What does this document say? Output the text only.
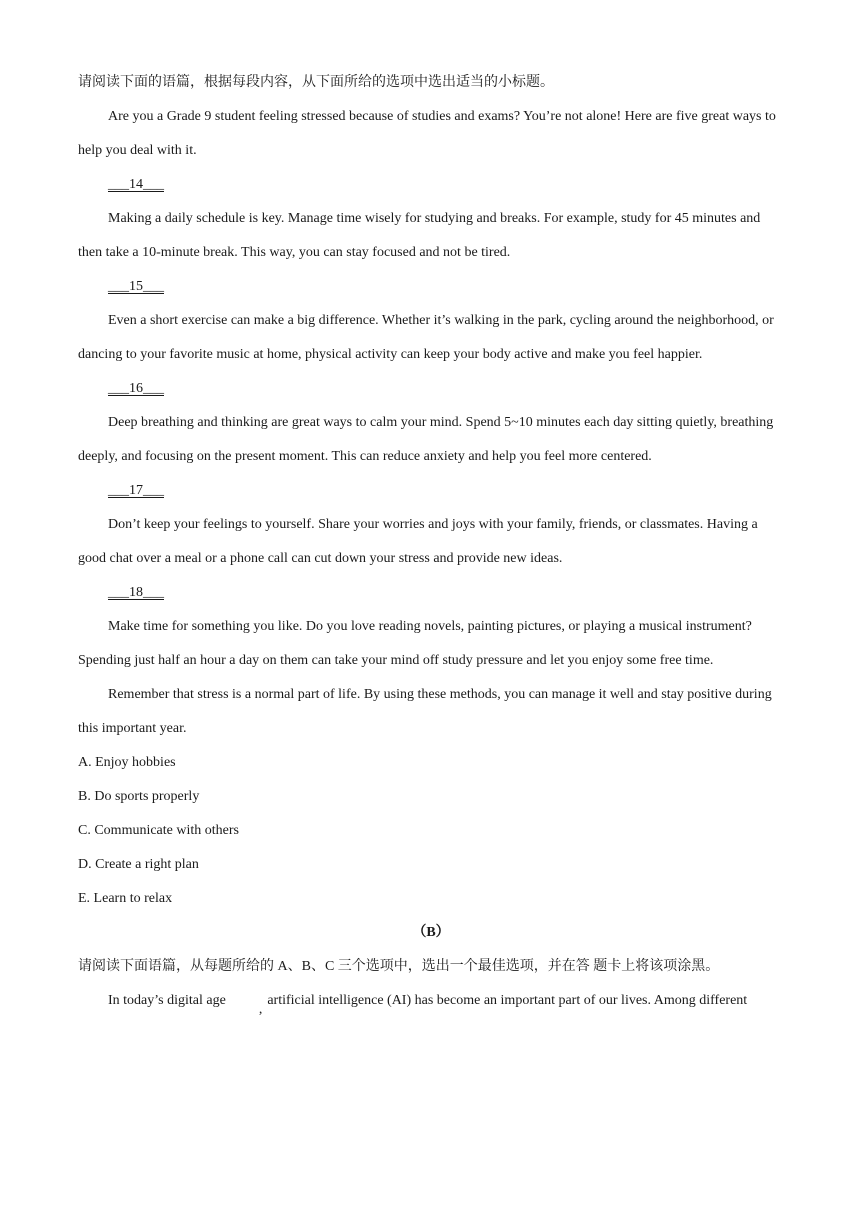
请阅读下面的语篇，根据每段内容，从下面所给的选项中选出适当的小标题。

Are you a Grade 9 student feeling stressed because of studies and exams? You’re not alone! Here are five great ways to help you deal with it.

___14___

Making a daily schedule is key. Manage time wisely for studying and breaks. For example, study for 45 minutes and then take a 10-minute break. This way, you can stay focused and not be tired.

___15___

Even a short exercise can make a big difference. Whether it’s walking in the park, cycling around the neighborhood, or dancing to your favorite music at home, physical activity can keep your body active and make you feel happier.

___16___

Deep breathing and thinking are great ways to calm your mind. Spend 5~10 minutes each day sitting quietly, breathing deeply, and focusing on the present moment. This can reduce anxiety and help you feel more centered.

___17___

Don’t keep your feelings to yourself. Share your worries and joys with your family, friends, or classmates. Having a good chat over a meal or a phone call can cut down your stress and provide new ideas.

___18___

Make time for something you like. Do you love reading novels, painting pictures, or playing a musical instrument? Spending just half an hour a day on them can take your mind off study pressure and let you enjoy some free time.

Remember that stress is a normal part of life. By using these methods, you can manage it well and stay positive during this important year.

A. Enjoy hobbies

B. Do sports properly

C. Communicate with others

D. Create a right plan

E. Learn to relax

（B）

请阅读下面语篇，从每题所给的 A、B、C 三个选项中，选出一个最佳选项，并在答 题卡上将该项涂黑。

In today’s digital age,artificial intelligence (AI) has become an important part of our lives. Among different
